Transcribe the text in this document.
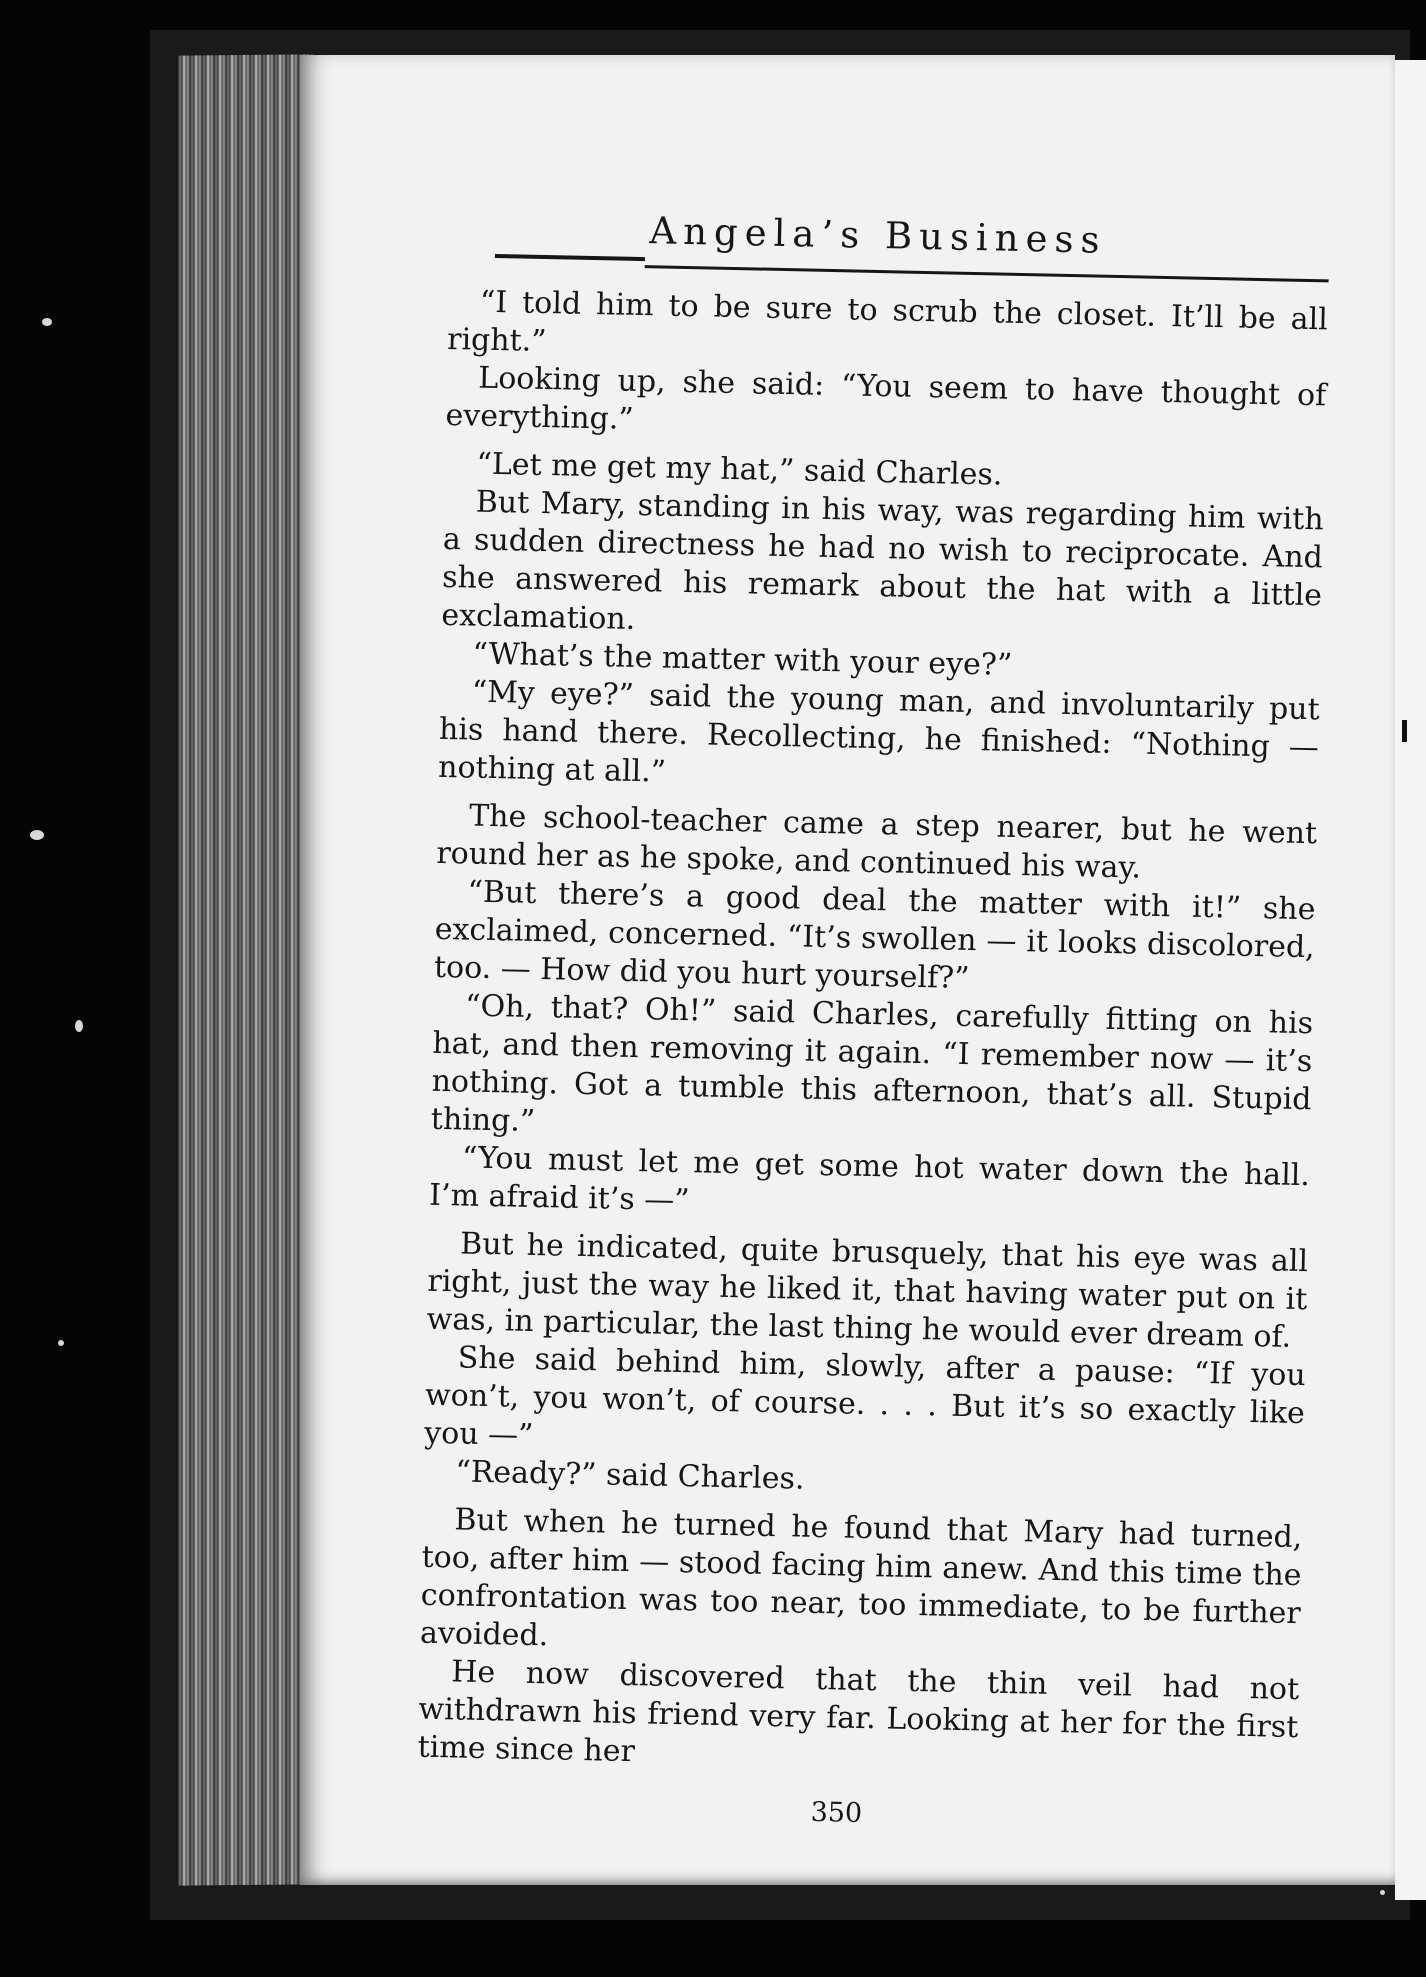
Angela’s Business

“I told him to be sure to scrub the closet. It’ll be all right.”

Looking up, she said: “You seem to have thought of everything.”

“Let me get my hat,” said Charles.

But Mary, standing in his way, was regarding him with a sudden directness he had no wish to reciprocate. And she answered his remark about the hat with a little exclamation.

“What’s the matter with your eye?”

“My eye?” said the young man, and involuntarily put his hand there. Recollecting, he finished: “Nothing — nothing at all.”

The school-teacher came a step nearer, but he went round her as he spoke, and continued his way.

“But there’s a good deal the matter with it!” she exclaimed, concerned. “It’s swollen — it looks discolored, too. — How did you hurt yourself?”

“Oh, that? Oh!” said Charles, carefully fitting on his hat, and then removing it again. “I remember now — it’s nothing. Got a tumble this afternoon, that’s all. Stupid thing.”

“You must let me get some hot water down the hall. I’m afraid it’s —”

But he indicated, quite brusquely, that his eye was all right, just the way he liked it, that having water put on it was, in particular, the last thing he would ever dream of.

She said behind him, slowly, after a pause: “If you won’t, you won’t, of course. . . . But it’s so exactly like you —”

“Ready?” said Charles.

But when he turned he found that Mary had turned, too, after him — stood facing him anew. And this time the confrontation was too near, too immediate, to be further avoided.

He now discovered that the thin veil had not withdrawn his friend very far. Looking at her for the first time since her

350
